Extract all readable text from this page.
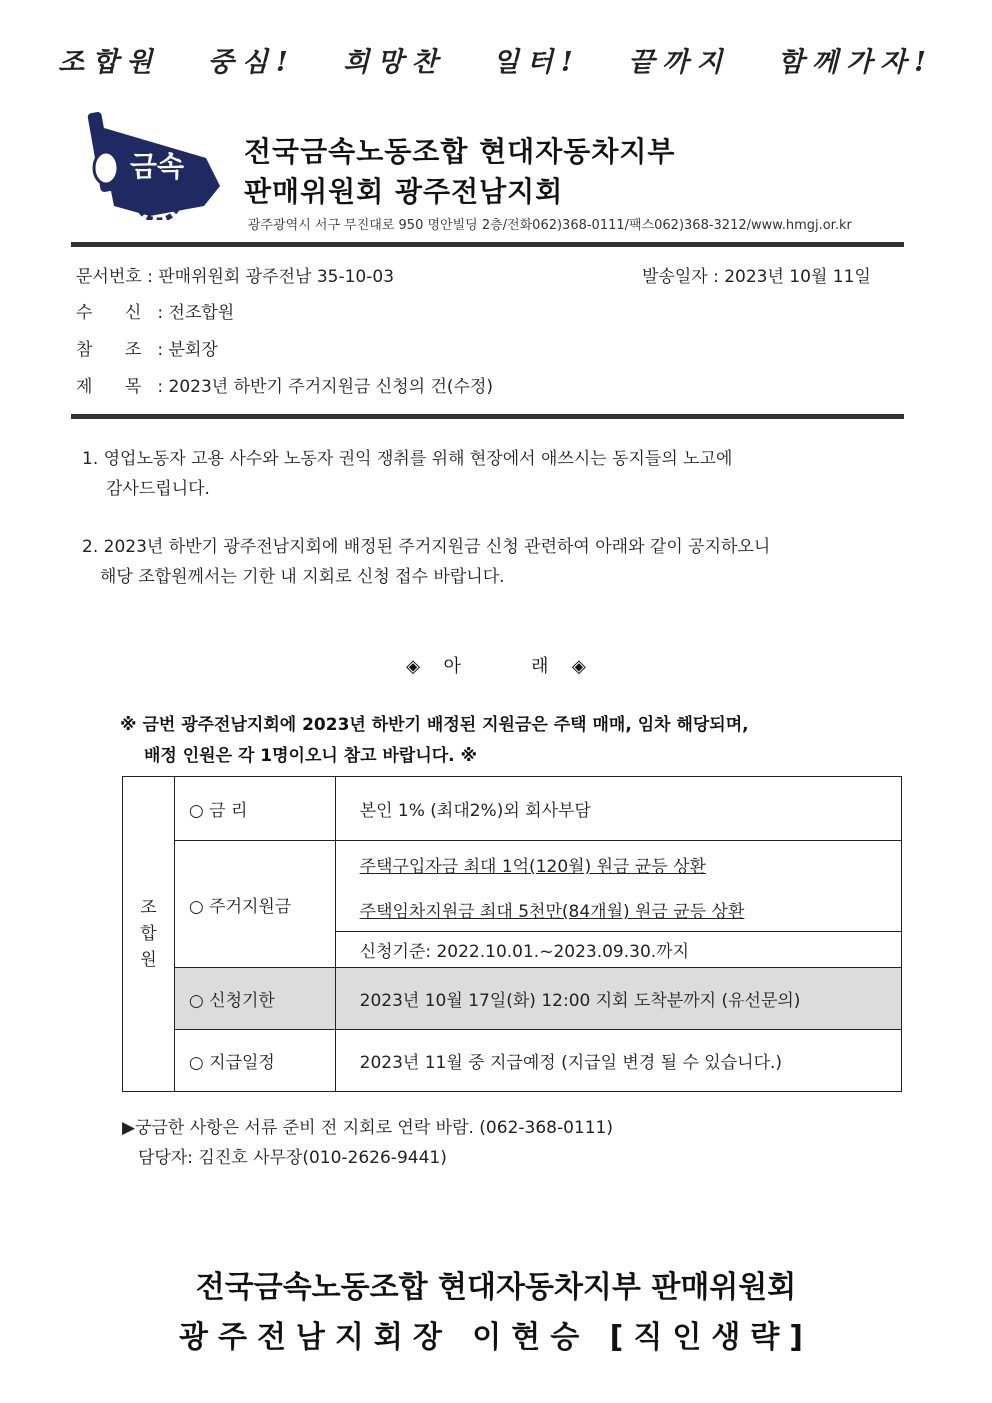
조합원 중심! 희망찬 일터! 끝까지 함께가자!
금속 전국금속노동조합 현대자동차지부
판매위원회 광주전남지회
광주광역시 서구 무진대로 950 명안빌딩 2층/전화062)368-0111/팩스062)368-3212/www.hmgj.or.kr
문서번호 : 판매위원회 광주전남 35-10-03	발송일자 : 2023년 10월 11일
수      신 : 전조합원
참      조 : 분회장
제      목 : 2023년 하반기 주거지원금 신청의 건(수정)
1. 영업노동자 고용 사수와 노동자 권익 쟁취를 위해 현장에서 애쓰시는 동지들의 노고에
감사드립니다.
2. 2023년 하반기 광주전남지회에 배정된 주거지원금 신청 관련하여 아래와 같이 공지하오니
해당 조합원께서는 기한 내 지회로 신청 접수 바랍니다.
◈  아      래  ◈
※ 금번 광주전남지회에 2023년 하반기 배정된 지원금은 주택 매매, 임차 해당되며,
배정 인원은 각 1명이오니 참고 바랍니다. ※
조
합
원	○ 금 리	본인 1% (최대2%)외 회사부담
	○ 주거지원금	주택구입자금 최대 1억(120월) 원금 균등 상환
		주택임차지원금 최대 5천만(84개월) 원금 균등 상환
		신청기준: 2022.10.01.~2023.09.30.까지
	○ 신청기한	2023년 10월 17일(화) 12:00 지회 도착분까지 (유선문의)
	○ 지급일정	2023년 11월 중 지급예정 (지급일 변경 될 수 있습니다.)
▶궁금한 사항은 서류 준비 전 지회로 연락 바람. (062-368-0111)
담당자: 김진호 사무장(010-2626-9441)
전국금속노동조합 현대자동차지부 판매위원회
광주전남지회장 이현승 [직인생략]
